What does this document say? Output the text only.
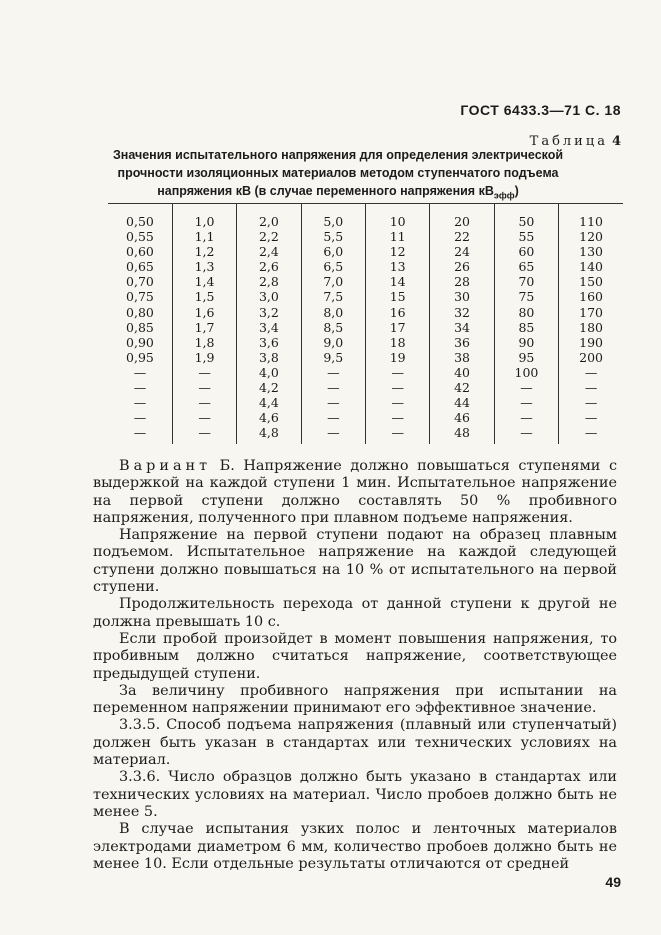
ГОСТ 6433.3—71 С. 18
Таблица 4
Значения испытательного напряжения для определения электрической прочности изоляционных материалов методом ступенчатого подъема напряжения кВ (в случае переменного напряжения $кВ_{эфф}$)
0,50	1,0	2,0	5,0	10	20	50	110
0,55	1,1	2,2	5,5	11	22	55	120
0,60	1,2	2,4	6,0	12	24	60	130
0,65	1,3	2,6	6,5	13	26	65	140
0,70	1,4	2,8	7,0	14	28	70	150
0,75	1,5	3,0	7,5	15	30	75	160
0,80	1,6	3,2	8,0	16	32	80	170
0,85	1,7	3,4	8,5	17	34	85	180
0,90	1,8	3,6	9,0	18	36	90	190
0,95	1,9	3,8	9,5	19	38	95	200
—	—	4,0	—	—	40	100	—
—	—	4,2	—	—	42	—	—
—	—	4,4	—	—	44	—	—
—	—	4,6	—	—	46	—	—
—	—	4,8	—	—	48	—	—

Вариант Б. Напряжение должно повышаться ступенями с выдержкой на каждой ступени 1 мин. Испытательное напряжение на первой ступени должно составлять 50 % пробивного напряжения, полученного при плавном подъеме напряжения.

Напряжение на первой ступени подают на образец плавным подъемом. Испытательное напряжение на каждой следующей ступени должно повышаться на 10 % от испытательного на первой ступени.

Продолжительность перехода от данной ступени к другой не должна превышать 10 с.

Если пробой произойдет в момент повышения напряжения, то пробивным должно считаться напряжение, соответствующее предыдущей ступени.

За величину пробивного напряжения при испытании на переменном напряжении принимают его эффективное значение.

3.3.5. Способ подъема напряжения (плавный или ступенчатый) должен быть указан в стандартах или технических условиях на материал.

3.3.6. Число образцов должно быть указано в стандартах или технических условиях на материал. Число пробоев должно быть не менее 5.

В случае испытания узких полос и ленточных материалов электродами диаметром 6 мм, количество пробоев должно быть не менее 10. Если отдельные результаты отличаются от средней

49
